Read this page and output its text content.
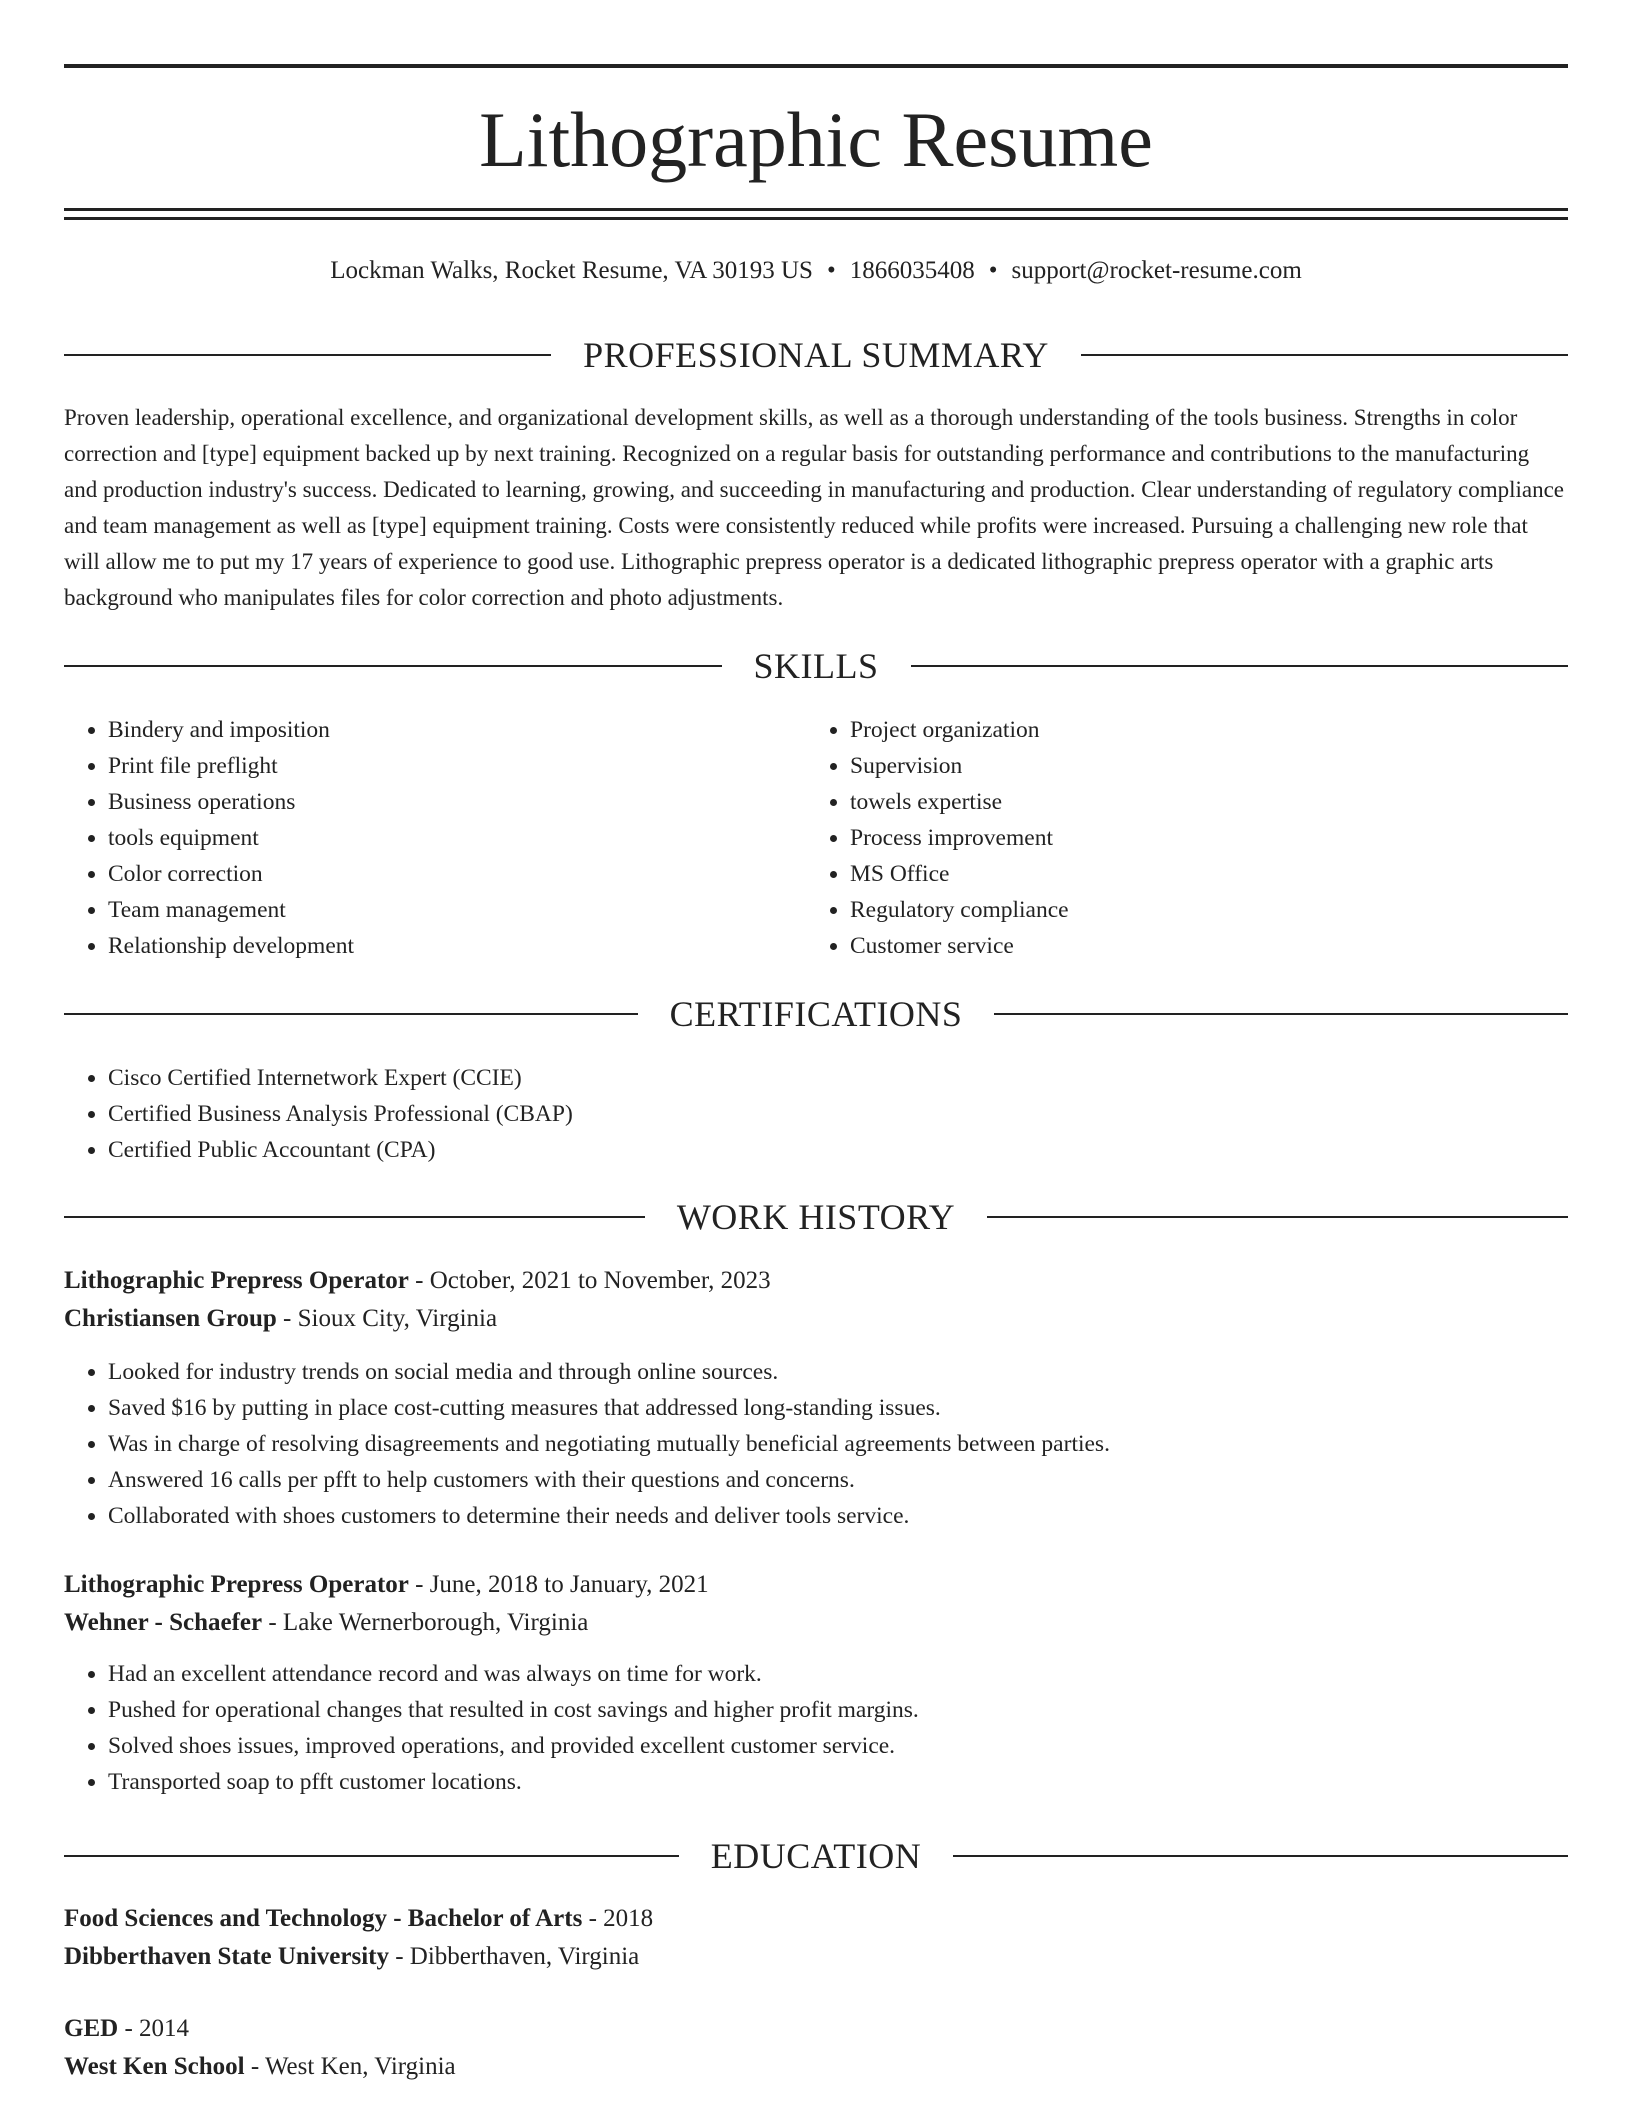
Lithographic Resume
Lockman Walks, Rocket Resume, VA 30193 US • 1866035408 • support@rocket-resume.com
PROFESSIONAL SUMMARY

Proven leadership, operational excellence, and organizational development skills, as well as a thorough understanding of the tools business. Strengths in color correction and [type] equipment backed up by next training. Recognized on a regular basis for outstanding performance and contributions to the manufacturing and production industry's success. Dedicated to learning, growing, and succeeding in manufacturing and production. Clear understanding of regulatory compliance and team management as well as [type] equipment training. Costs were consistently reduced while profits were increased. Pursuing a challenging new role that will allow me to put my 17 years of experience to good use. Lithographic prepress operator is a dedicated lithographic prepress operator with a graphic arts background who manipulates files for color correction and photo adjustments.

SKILLS
• Bindery and imposition
• Print file preflight
• Business operations
• tools equipment
• Color correction
• Team management
• Relationship development
• Project organization
• Supervision
• towels expertise
• Process improvement
• MS Office
• Regulatory compliance
• Customer service
CERTIFICATIONS
• Cisco Certified Internetwork Expert (CCIE)
• Certified Business Analysis Professional (CBAP)
• Certified Public Accountant (CPA)
WORK HISTORY

Lithographic Prepress Operator - October, 2021 to November, 2023

Christiansen Group - Sioux City, Virginia

• Looked for industry trends on social media and through online sources.
• Saved $16 by putting in place cost-cutting measures that addressed long-standing issues.
• Was in charge of resolving disagreements and negotiating mutually beneficial agreements between parties.
• Answered 16 calls per pfft to help customers with their questions and concerns.
• Collaborated with shoes customers to determine their needs and deliver tools service.

Lithographic Prepress Operator - June, 2018 to January, 2021

Wehner - Schaefer - Lake Wernerborough, Virginia

• Had an excellent attendance record and was always on time for work.
• Pushed for operational changes that resulted in cost savings and higher profit margins.
• Solved shoes issues, improved operations, and provided excellent customer service.
• Transported soap to pfft customer locations.
EDUCATION

Food Sciences and Technology - Bachelor of Arts - 2018

Dibberthaven State University - Dibberthaven, Virginia

GED - 2014

West Ken School - West Ken, Virginia
